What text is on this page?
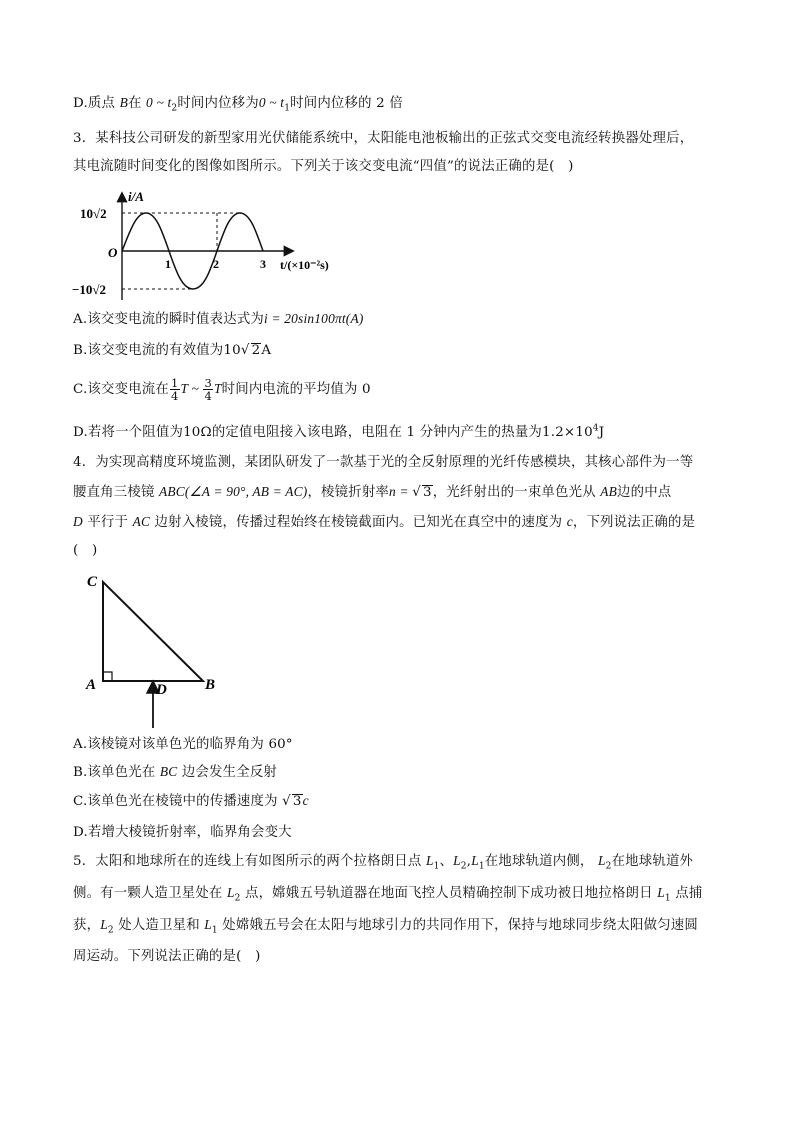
D.质点 B在 0 ~ $t_2$时间内位移为0 ~ $t_1$时间内位移的 2 倍
3．某科技公司研发的新型家用光伏储能系统中，太阳能电池板输出的正弦式交变电流经转换器处理后，
其电流随时间变化的图像如图所示。下列关于该交变电流“四值”的说法正确的是(　)
i/A
t/(×10⁻²s)
10√2
−10√2
O
1	2	3
A.该交变电流的瞬时值表达式为i = 20sin100πt(A)
B.该交变电流的有效值为10√ 2A
C.该交变电流在 $\frac{1}{4}$ T ~ $\frac{3}{4}$ T时间内电流的平均值为 0
D.若将一个阻值为10Ω的定值电阻接入该电路，电阻在 1 分钟内产生的热量为$1.2\times 10^4J$
4．为实现高精度环境监测，某团队研发了一款基于光的全反射原理的光纤传感模块，其核心部件为一等
腰直角三棱镜 ABC(∠A = 90°, AB = AC)，棱镜折射率n = √ 3，光纤射出的一束单色光从 AB边的中点
D 平行于 AC 边射入棱镜，传播过程始终在棱镜截面内。已知光在真空中的速度为 c，下列说法正确的是
(　)
C
A	B
D
A.该棱镜对该单色光的临界角为 60°
B.该单色光在 BC 边会发生全反射
C.该单色光在棱镜中的传播速度为 √ 3c
D.若增大棱镜折射率，临界角会变大
5．太阳和地球所在的连线上有如图所示的两个拉格朗日点 $L_1$、$L_2,L_1$在地球轨道内侧， $L_2$在地球轨道外
侧。有一颗人造卫星处在 $L_2$ 点，嫦娥五号轨道器在地面飞控人员精确控制下成功被日地拉格朗日 $L_1$ 点捕
获，$L_2$ 处人造卫星和 $L_1$ 处嫦娥五号会在太阳与地球引力的共同作用下，保持与地球同步绕太阳做匀速圆
周运动。下列说法正确的是(　)
